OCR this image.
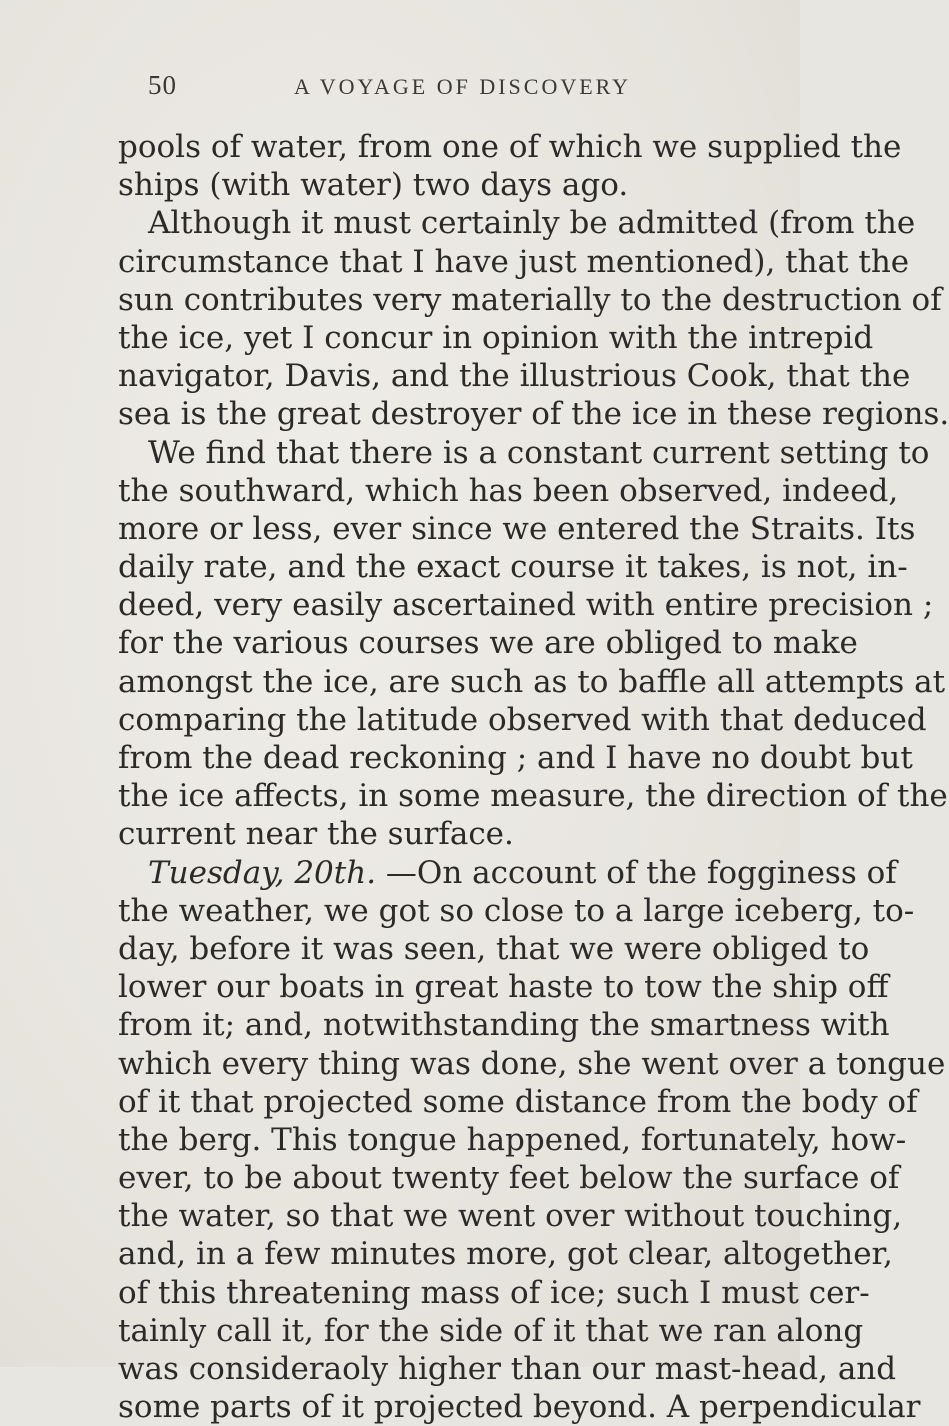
50	A VOYAGE OF DISCOVERY
pools of water, from one of which we supplied the
ships (with water) two days ago.
Although it must certainly be admitted (from the
circumstance that I have just mentioned), that the
sun contributes very materially to the destruction of
the ice, yet I concur in opinion with the intrepid
navigator, Davis, and the illustrious Cook, that the
sea is the great destroyer of the ice in these regions.
We find that there is a constant current setting to
the southward, which has been observed, indeed,
more or less, ever since we entered the Straits. Its
daily rate, and the exact course it takes, is not, in-
deed, very easily ascertained with entire precision ;
for the various courses we are obliged to make
amongst the ice, are such as to baffle all attempts at
comparing the latitude observed with that deduced
from the dead reckoning ; and I have no doubt but
the ice affects, in some measure, the direction of the
current near the surface.
Tuesday, 20th. —On account of the fogginess of
the weather, we got so close to a large iceberg, to-
day, before it was seen, that we were obliged to
lower our boats in great haste to tow the ship off
from it; and, notwithstanding the smartness with
which every thing was done, she went over a tongue
of it that projected some distance from the body of
the berg. This tongue happened, fortunately, how-
ever, to be about twenty feet below the surface of
the water, so that we went over without touching,
and, in a few minutes more, got clear, altogether,
of this threatening mass of ice; such I must cer-
tainly call it, for the side of it that we ran along
was consideraoly higher than our mast-head, and
some parts of it projected beyond. A perpendicular
